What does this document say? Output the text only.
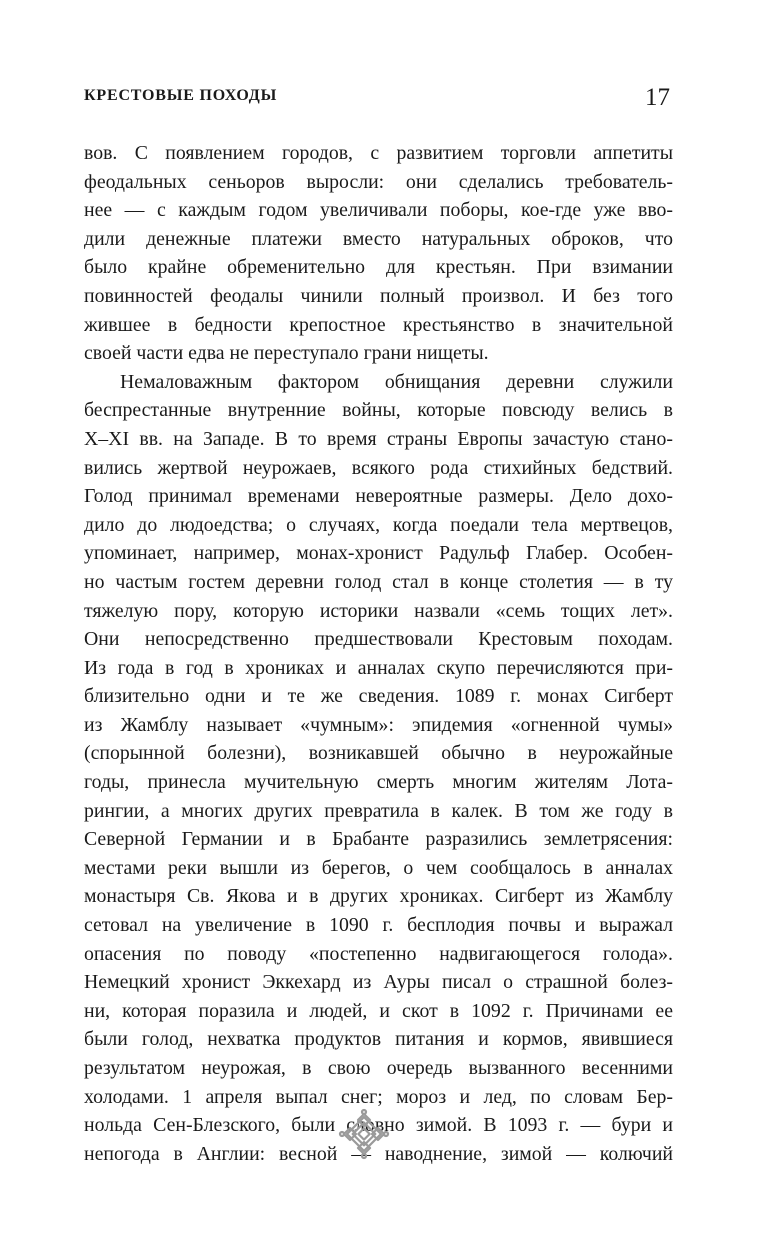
КРЕСТОВЫЕ ПОХОДЫ	17
вов. С появлением городов, с развитием торговли аппетиты
феодальных сеньоров выросли: они сделались требователь-
нее — с каждым годом увеличивали поборы, кое-где уже вво-
дили денежные платежи вместо натуральных оброков, что
было крайне обременительно для крестьян. При взимании
повинностей феодалы чинили полный произвол. И без того
жившее в бедности крепостное крестьянство в значительной
своей части едва не переступало грани нищеты.
Немаловажным фактором обнищания деревни служили
беспрестанные внутренние войны, которые повсюду велись в
X–XI вв. на Западе. В то время страны Европы зачастую стано-
вились жертвой неурожаев, всякого рода стихийных бедствий.
Голод принимал временами невероятные размеры. Дело дохо-
дило до людоедства; о случаях, когда поедали тела мертвецов,
упоминает, например, монах-хронист Радульф Глабер. Особен-
но частым гостем деревни голод стал в конце столетия — в ту
тяжелую пору, которую историки назвали «семь тощих лет».
Они непосредственно предшествовали Крестовым походам.
Из года в год в хрониках и анналах скупо перечисляются при-
близительно одни и те же сведения. 1089 г. монах Сигберт
из Жамблу называет «чумным»: эпидемия «огненной чумы»
(спорынной болезни), возникавшей обычно в неурожайные
годы, принесла мучительную смерть многим жителям Лота-
рингии, а многих других превратила в калек. В том же году в
Северной Германии и в Брабанте разразились землетрясения:
местами реки вышли из берегов, о чем сообщалось в анналах
монастыря Св. Якова и в других хрониках. Сигберт из Жамблу
сетовал на увеличение в 1090 г. бесплодия почвы и выражал
опасения по поводу «постепенно надвигающегося голода».
Немецкий хронист Эккехард из Ауры писал о страшной болез-
ни, которая поразила и людей, и скот в 1092 г. Причинами ее
были голод, нехватка продуктов питания и кормов, явившиеся
результатом неурожая, в свою очередь вызванного весенними
холодами. 1 апреля выпал снег; мороз и лед, по словам Бер-
нольда Сен-Блезского, были словно зимой. В 1093 г. — бури и
непогода в Англии: весной — наводнение, зимой — колючий
